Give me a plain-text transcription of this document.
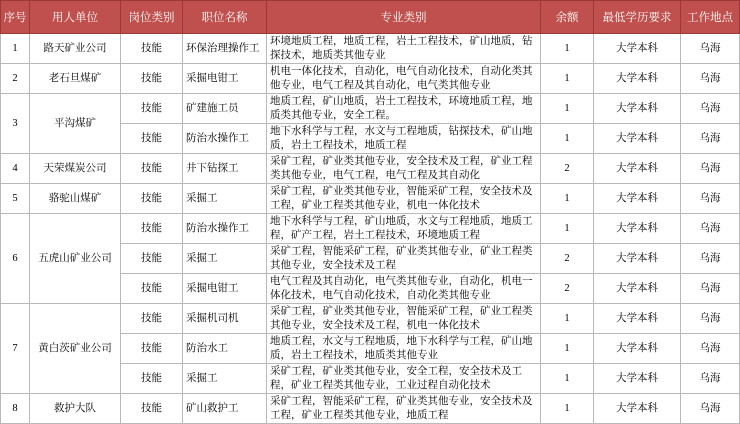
序号	用人单位	岗位类别	职位名称	专业类别	余额	最低学历要求	工作地点
1	路天矿业公司	技能	环保治理操作工	环境地质工程，地质工程，岩土工程技术，矿山地质，钻探技术，地质类其他专业	1	大学本科	乌海
2	老石旦煤矿	技能	采掘电钳工	机电一体化技术，自动化，电气自动化技术，自动化类其他专业，电气工程及其自动化，电气类其他专业	1	大学本科	乌海
3	平沟煤矿	技能	矿建施工员	地质工程，矿山地质，岩土工程技术，环境地质工程，地质类其他专业，安全工程。	1	大学本科	乌海
		技能	防治水操作工	地下水科学与工程，水文与工程地质，钻探技术，矿山地质，岩土工程技术，地质工程	1	大学本科	乌海
4	天荣煤炭公司	技能	井下钻探工	采矿工程，矿业类其他专业，安全技术及工程，矿业工程类其他专业，电气工程，电气工程及其自动化	2	大学本科	乌海
5	骆驼山煤矿	技能	采掘工	采矿工程，矿业类其他专业，智能采矿工程，安全技术及工程，矿业工程类其他专业，机电一体化技术	1	大学本科	乌海
6	五虎山矿业公司	技能	防治水操作工	地下水科学与工程，矿山地质，水文与工程地质，地质工程，矿产工程，岩土工程技术，环境地质工程	1	大学本科	乌海
		技能	采掘工	采矿工程，智能采矿工程，矿业类其他专业，矿业工程类其他专业，安全技术及工程	2	大学本科	乌海
		技能	采掘电钳工	电气工程及其自动化，电气类其他专业，自动化，机电一体化技术，电气自动化技术，自动化类其他专业	2	大学本科	乌海
7	黄白茨矿业公司	技能	采掘机司机	采矿工程，矿业类其他专业，智能采矿工程，矿业工程类其他专业，安全技术及工程，机电一体化技术	1	大学本科	乌海
		技能	防治水工	地质工程，水文与工程地质，地下水科学与工程，矿山地质，岩土工程技术，地质类其他专业	1	大学本科	乌海
		技能	采掘工	采矿工程，矿业类其他专业，安全工程，安全技术及工程，矿业工程类其他专业，工业过程自动化技术	1	大学本科	乌海
8	救护大队	技能	矿山救护工	采矿工程，智能采矿工程，矿业类其他专业，安全技术及工程，矿业工程类其他专业，地质工程	1	大学本科	乌海
